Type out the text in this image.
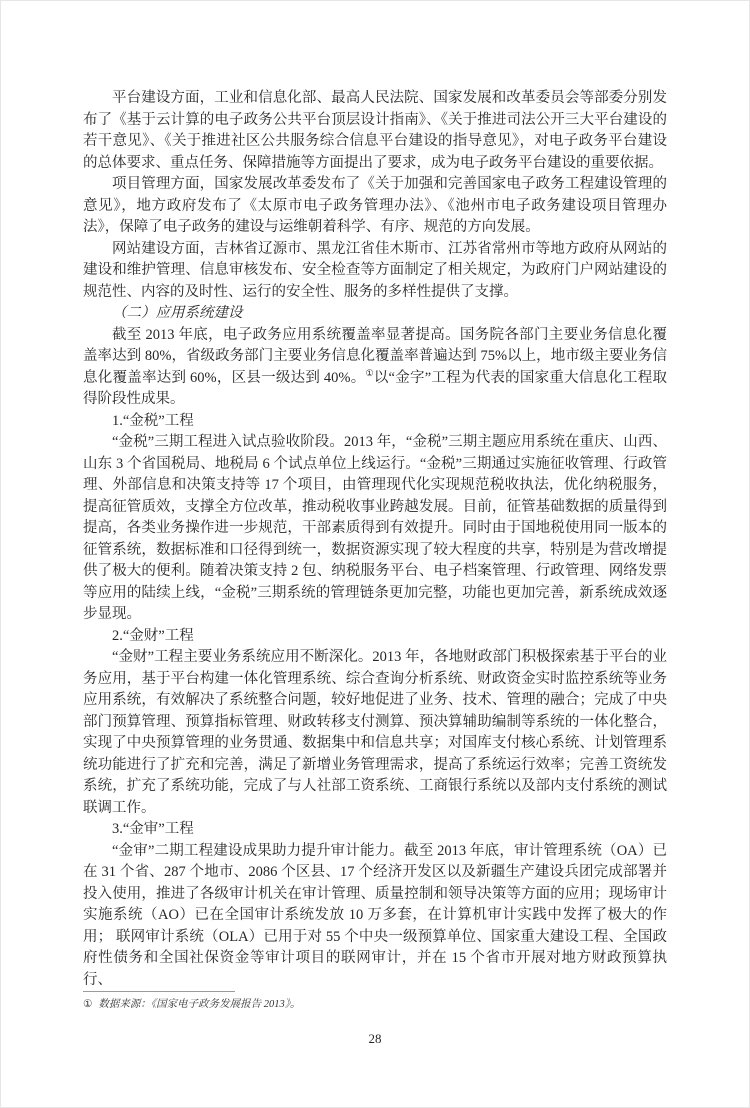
平台建设方面，工业和信息化部、最高人民法院、国家发展和改革委员会等部委分别发布了《基于云计算的电子政务公共平台顶层设计指南》、《关于推进司法公开三大平台建设的若干意见》、《关于推进社区公共服务综合信息平台建设的指导意见》，对电子政务平台建设的总体要求、重点任务、保障措施等方面提出了要求，成为电子政务平台建设的重要依据。

项目管理方面，国家发展改革委发布了《关于加强和完善国家电子政务工程建设管理的意见》，地方政府发布了《太原市电子政务管理办法》、《池州市电子政务建设项目管理办法》，保障了电子政务的建设与运维朝着科学、有序、规范的方向发展。

网站建设方面，吉林省辽源市、黑龙江省佳木斯市、江苏省常州市等地方政府从网站的建设和维护管理、信息审核发布、安全检查等方面制定了相关规定，为政府门户网站建设的规范性、内容的及时性、运行的安全性、服务的多样性提供了支撑。

（二）应用系统建设

截至 2013 年底，电子政务应用系统覆盖率显著提高。国务院各部门主要业务信息化覆盖率达到 80%，省级政务部门主要业务信息化覆盖率普遍达到 75%以上，地市级主要业务信息化覆盖率达到 60%，区县一级达到 40%。①以“金字”工程为代表的国家重大信息化工程取得阶段性成果。

1.“金税”工程

“金税”三期工程进入试点验收阶段。2013 年，“金税”三期主题应用系统在重庆、山西、山东 3 个省国税局、地税局 6 个试点单位上线运行。“金税”三期通过实施征收管理、行政管理、外部信息和决策支持等 17 个项目，由管理现代化实现规范税收执法，优化纳税服务，提高征管质效，支撑全方位改革，推动税收事业跨越发展。目前，征管基础数据的质量得到提高，各类业务操作进一步规范，干部素质得到有效提升。同时由于国地税使用同一版本的征管系统，数据标准和口径得到统一，数据资源实现了较大程度的共享，特别是为营改增提供了极大的便利。随着决策支持 2 包、纳税服务平台、电子档案管理、行政管理、网络发票等应用的陆续上线，“金税”三期系统的管理链条更加完整，功能也更加完善，新系统成效逐步显现。

2.“金财”工程

“金财”工程主要业务系统应用不断深化。2013 年，各地财政部门积极探索基于平台的业务应用，基于平台构建一体化管理系统、综合查询分析系统、财政资金实时监控系统等业务应用系统，有效解决了系统整合问题，较好地促进了业务、技术、管理的融合；完成了中央部门预算管理、预算指标管理、财政转移支付测算、预决算辅助编制等系统的一体化整合，实现了中央预算管理的业务贯通、数据集中和信息共享；对国库支付核心系统、计划管理系统功能进行了扩充和完善，满足了新增业务管理需求，提高了系统运行效率；完善工资统发系统，扩充了系统功能，完成了与人社部工资系统、工商银行系统以及部内支付系统的测试联调工作。

3.“金审”工程

“金审”二期工程建设成果助力提升审计能力。截至 2013 年底，审计管理系统（OA）已在 31 个省、287 个地市、2086 个区县、17 个经济开发区以及新疆生产建设兵团完成部署并投入使用，推进了各级审计机关在审计管理、质量控制和领导决策等方面的应用；现场审计实施系统（AO）已在全国审计系统发放 10 万多套，在计算机审计实践中发挥了极大的作用； 联网审计系统（OLA）已用于对 55 个中央一级预算单位、国家重大建设工程、全国政府性债务和全国社保资金等审计项目的联网审计，并在 15 个省市开展对地方财政预算执行、

① 数据来源：《国家电子政务发展报告 2013》。
28
